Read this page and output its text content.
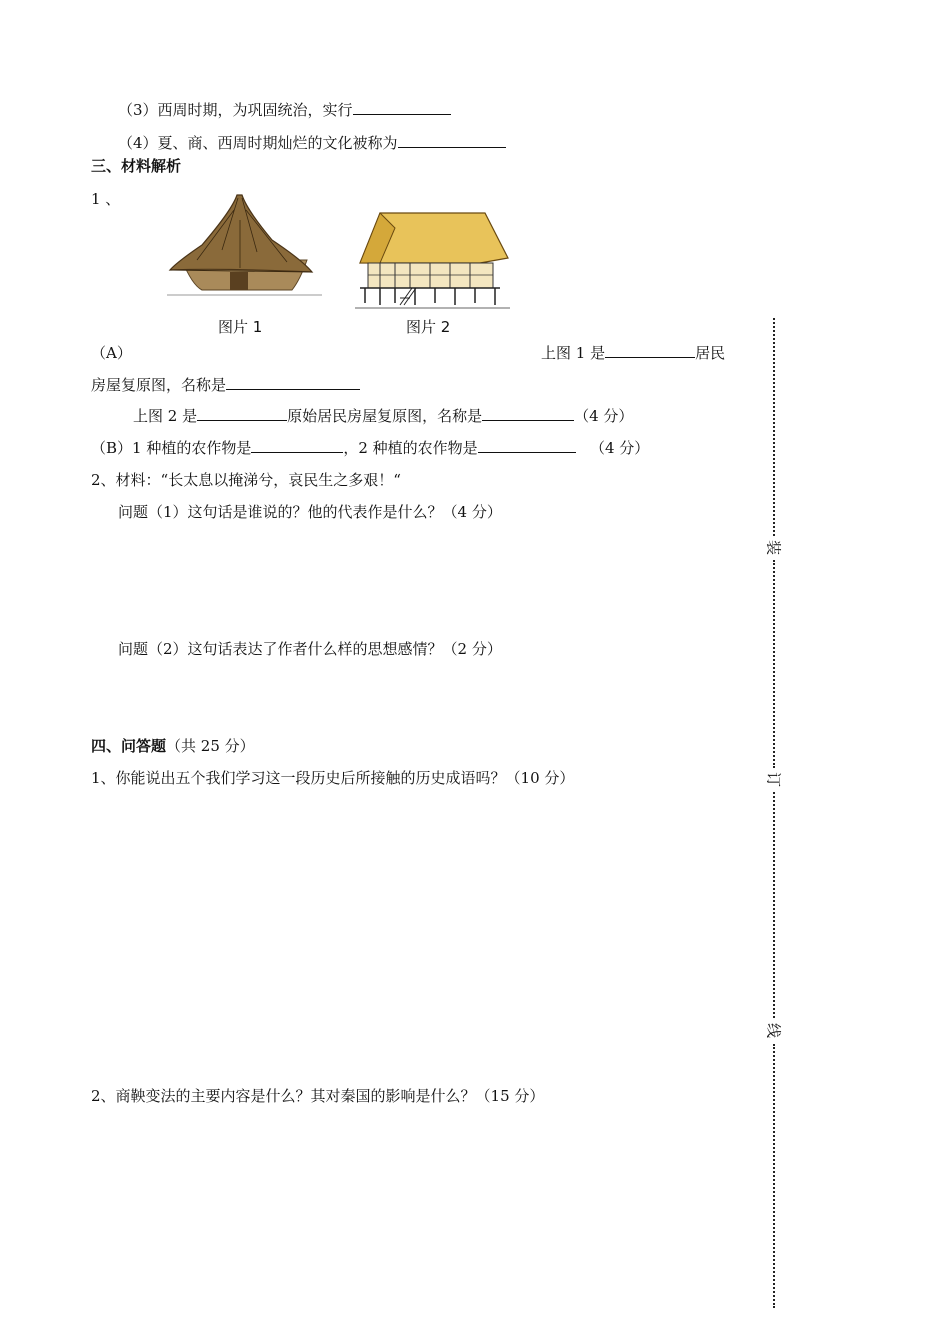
（3）西周时期，为巩固统治，实行
（4）夏、商、西周时期灿烂的文化被称为
三、材料解析
1 、
图片 1	图片 2
（A）	上图 1 是	居民
房屋复原图，名称是
上图 2 是	原始居民房屋复原图，名称是	（4 分）
（B）1 种植的农作物是	，2 种植的农作物是	（4 分）
2、材料：“长太息以掩涕兮，哀民生之多艰！“
问题（1）这句话是谁说的？他的代表作是什么？（4 分）
问题（2）这句话表达了作者什么样的思想感情？（2 分）
四、问答题（共 25 分）
1、你能说出五个我们学习这一段历史后所接触的历史成语吗？（10 分）
2、商鞅变法的主要内容是什么？其对秦国的影响是什么？（15 分）
装
订
线
